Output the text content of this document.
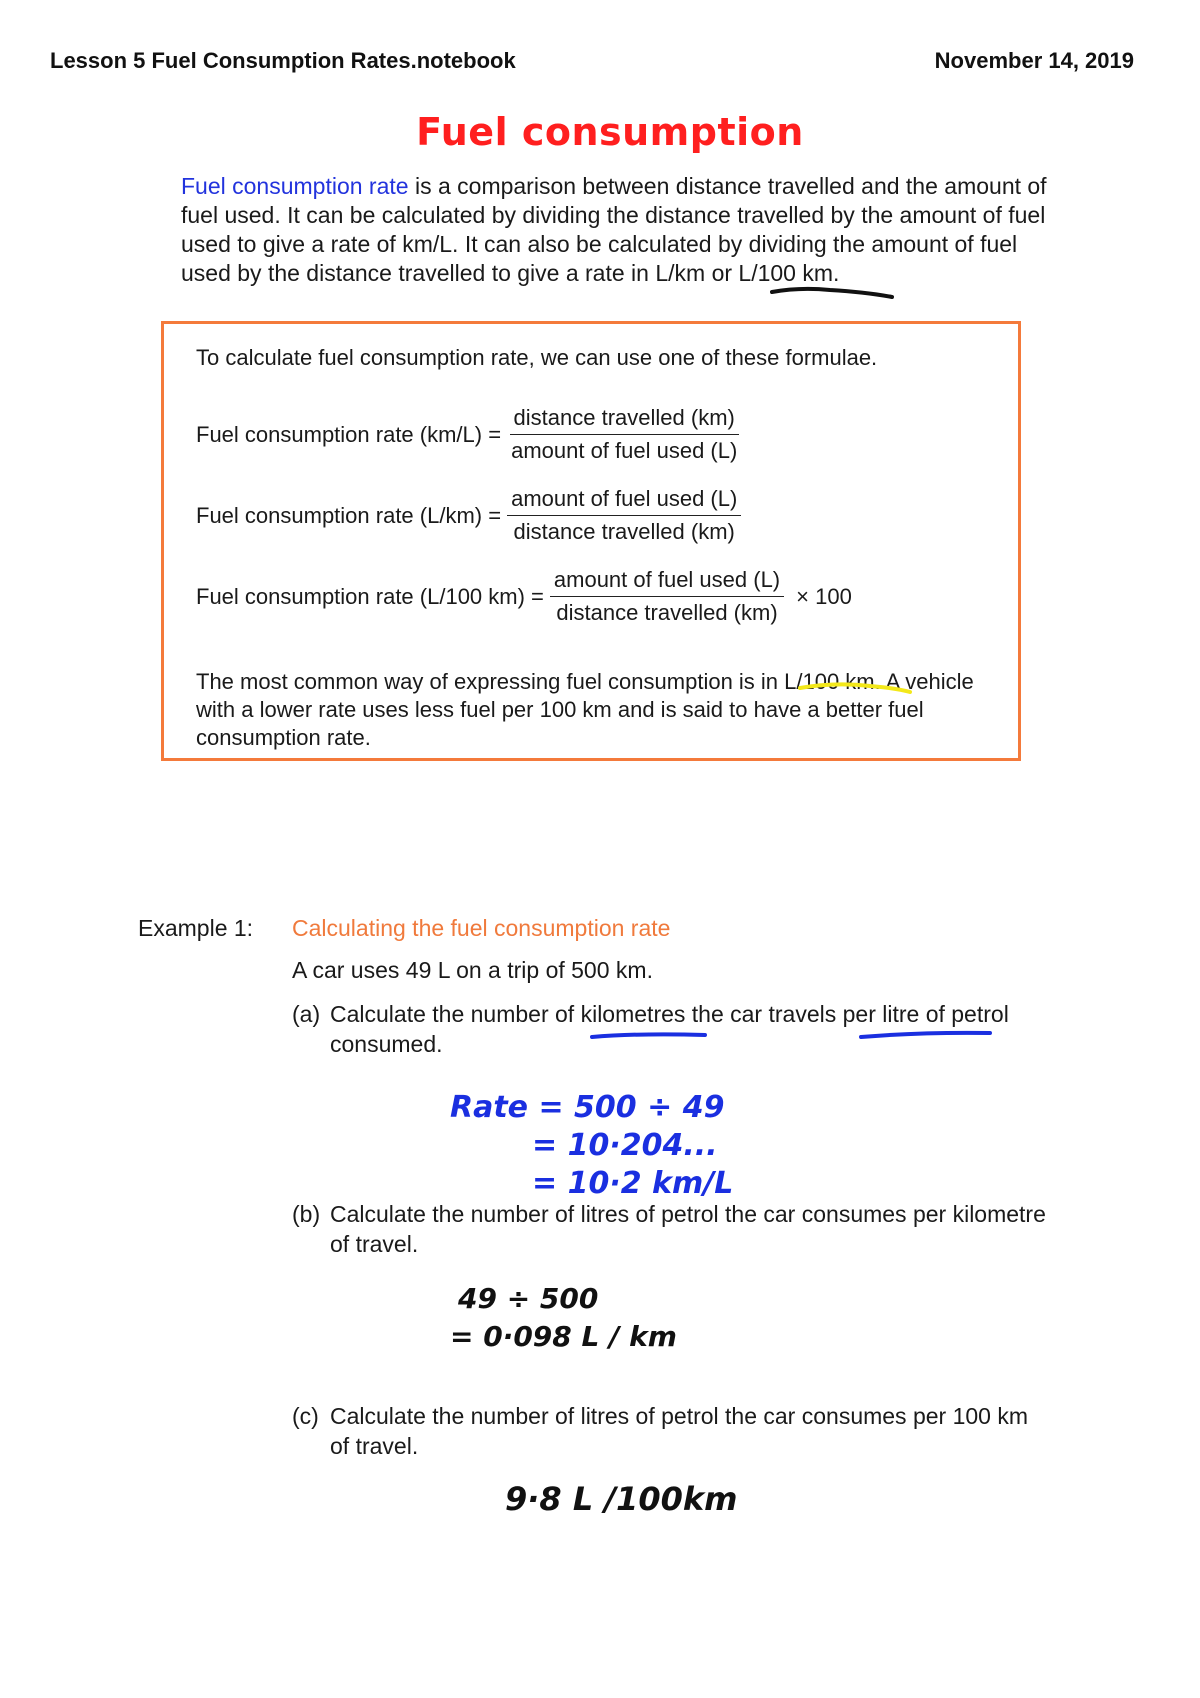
Lesson 5 Fuel Consumption Rates.notebook	November 14, 2019
Fuel consumption
Fuel consumption rate is a comparison between distance travelled and the amount of fuel used. It can be calculated by dividing the distance travelled by the amount of fuel used to give a rate of km/L. It can also be calculated by dividing the amount of fuel used by the distance travelled to give a rate in L/km or L/100 km.
To calculate fuel consumption rate, we can use one of these formulae.
Fuel consumption rate $(km/L) = \frac{\text{distance travelled (km)}}{\text{amount of fuel used (L)}}$
Fuel consumption rate $(L/km) = \frac{\text{amount of fuel used (L)}}{\text{distance travelled (km)}}$
Fuel consumption rate (L/100 $km) = \frac{\text{amount of fuel used (L)}}{\text{distance travelled (km)}} \times 100$
The most common way of expressing fuel consumption is in L/100 km. A vehicle with a lower rate uses less fuel per 100 km and is said to have a better fuel consumption rate.
Example 1: Calculating the fuel consumption rate
A car uses 49 L on a trip of 500 km.
(a) Calculate the number of kilometres the car travels per litre of petrol consumed.
Rate = 500 ÷ 49
= 10·204...
= 10·2 km/L
(b) Calculate the number of litres of petrol the car consumes per kilometre of travel.
49 ÷ 500
= 0·098 L / km
(c) Calculate the number of litres of petrol the car consumes per 100 km of travel.
9·8 L /100km
